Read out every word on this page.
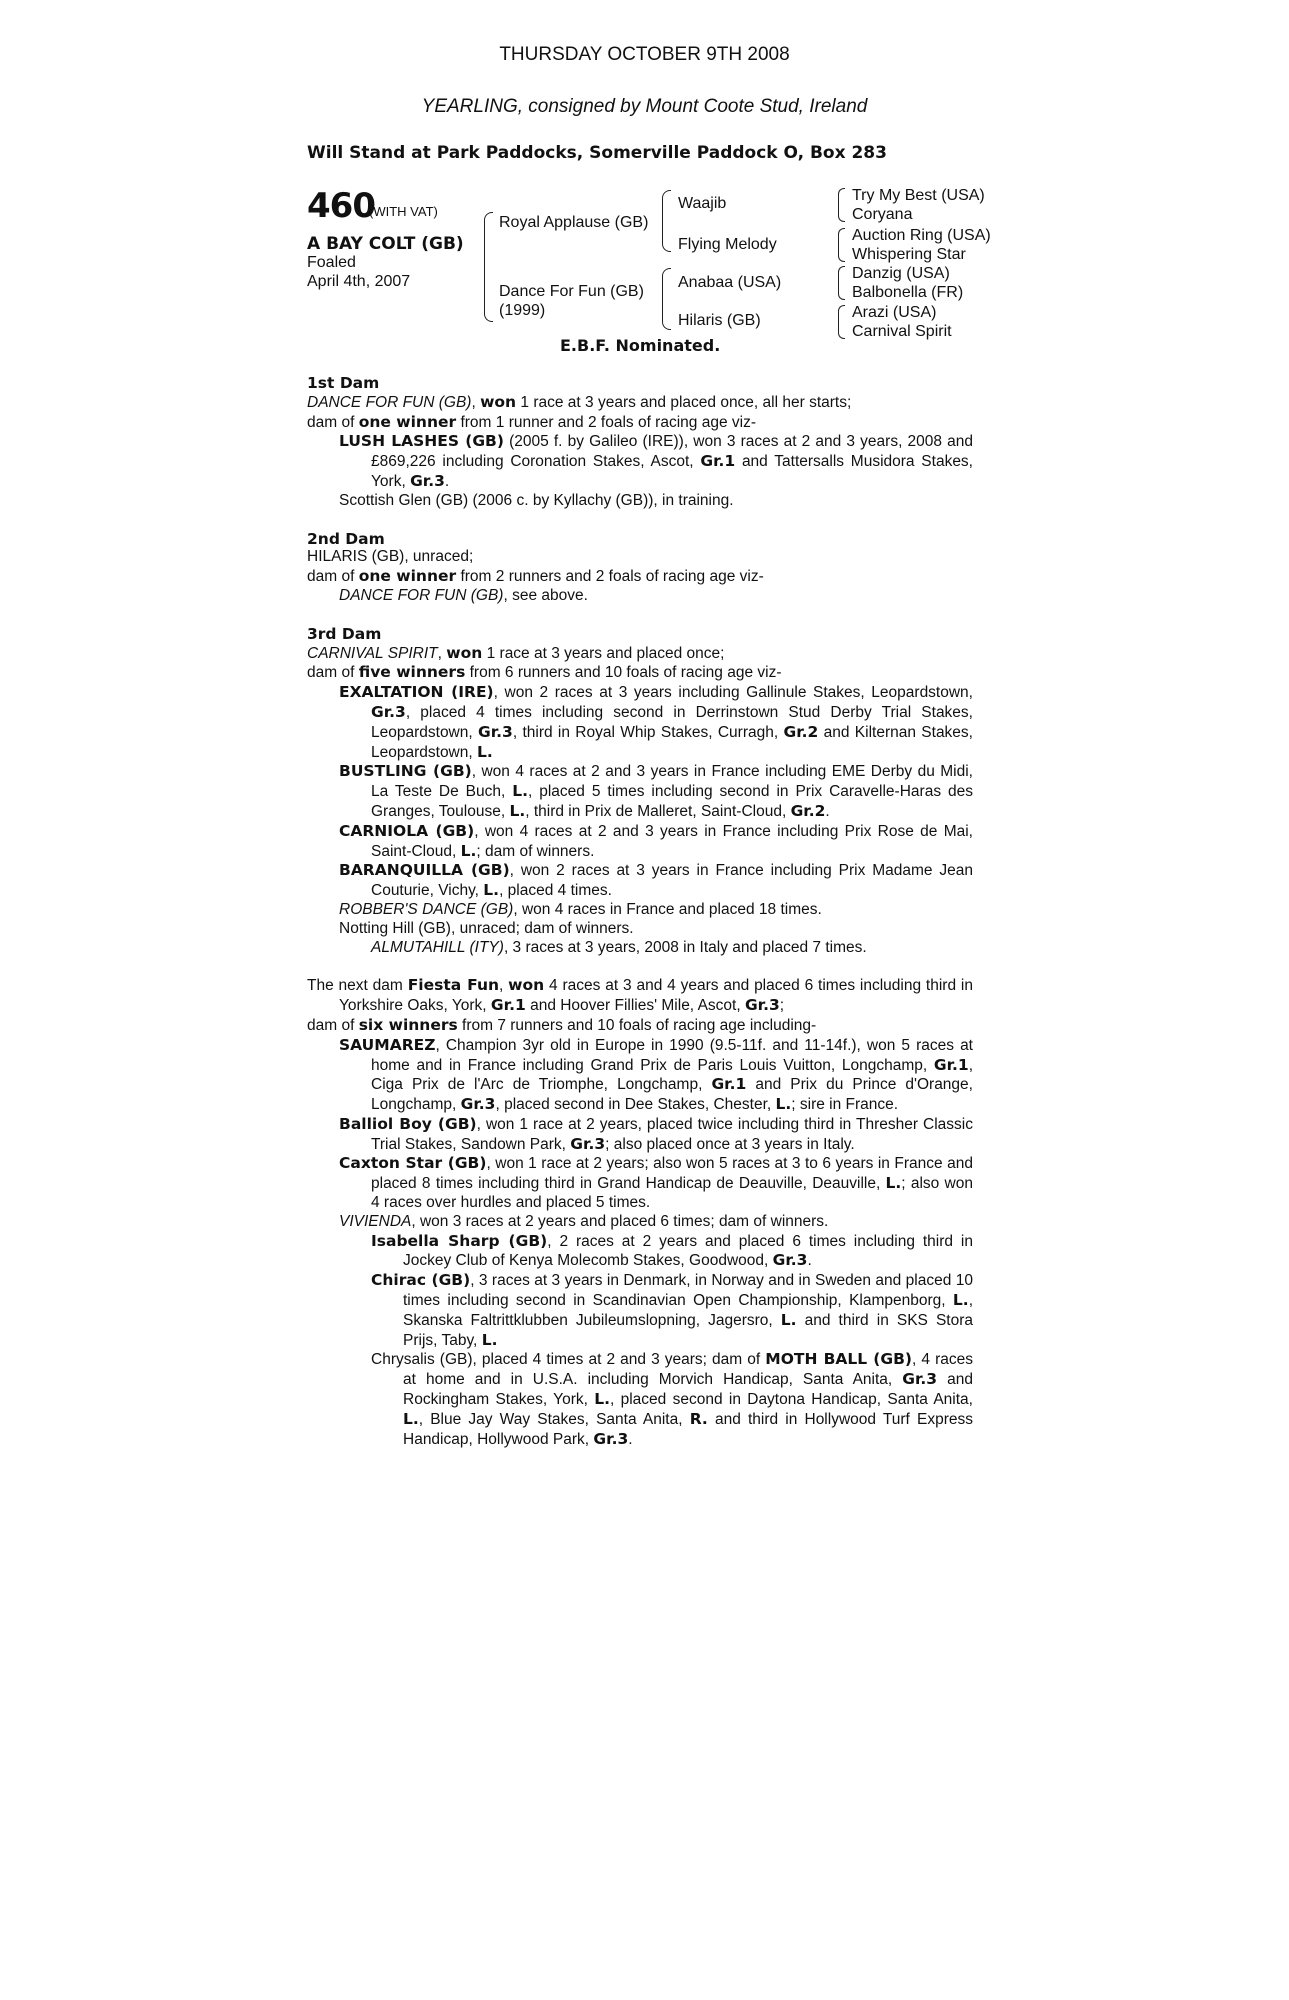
THURSDAY OCTOBER 9TH 2008
YEARLING, consigned by Mount Coote Stud, Ireland
Will Stand at Park Paddocks, Somerville Paddock O, Box 283
460
(WITH VAT)
A BAY COLT (GB)
Foaled
April 4th, 2007
Royal Applause (GB)
Dance For Fun (GB)
(1999)
Waajib
Flying Melody
Anabaa (USA)
Hilaris (GB)
Try My Best (USA)
Coryana
Auction Ring (USA)
Whispering Star
Danzig (USA)
Balbonella (FR)
Arazi (USA)
Carnival Spirit
E.B.F. Nominated.

1st Dam

DANCE FOR FUN (GB), won 1 race at 3 years and placed once, all her starts;

dam of one winner from 1 runner and 2 foals of racing age viz-

LUSH LASHES (GB) (2005 f. by Galileo (IRE)), won 3 races at 2 and 3 years, 2008 and £869,226 including Coronation Stakes, Ascot, Gr.1 and Tattersalls Musidora Stakes, York, Gr.3.

Scottish Glen (GB) (2006 c. by Kyllachy (GB)), in training.

2nd Dam

HILARIS (GB), unraced;

dam of one winner from 2 runners and 2 foals of racing age viz-

DANCE FOR FUN (GB), see above.

3rd Dam

CARNIVAL SPIRIT, won 1 race at 3 years and placed once;

dam of five winners from 6 runners and 10 foals of racing age viz-

EXALTATION (IRE), won 2 races at 3 years including Gallinule Stakes, Leopardstown, Gr.3, placed 4 times including second in Derrinstown Stud Derby Trial Stakes, Leopardstown, Gr.3, third in Royal Whip Stakes, Curragh, Gr.2 and Kilternan Stakes, Leopardstown, L.

BUSTLING (GB), won 4 races at 2 and 3 years in France including EME Derby du Midi, La Teste De Buch, L., placed 5 times including second in Prix Caravelle-Haras des Granges, Toulouse, L., third in Prix de Malleret, Saint-Cloud, Gr.2.

CARNIOLA (GB), won 4 races at 2 and 3 years in France including Prix Rose de Mai, Saint-Cloud, L.; dam of winners.

BARANQUILLA (GB), won 2 races at 3 years in France including Prix Madame Jean Couturie, Vichy, L., placed 4 times.

ROBBER'S DANCE (GB), won 4 races in France and placed 18 times.

Notting Hill (GB), unraced; dam of winners.

ALMUTAHILL (ITY), 3 races at 3 years, 2008 in Italy and placed 7 times.

The next dam Fiesta Fun, won 4 races at 3 and 4 years and placed 6 times including third in Yorkshire Oaks, York, Gr.1 and Hoover Fillies' Mile, Ascot, Gr.3;

dam of six winners from 7 runners and 10 foals of racing age including-

SAUMAREZ, Champion 3yr old in Europe in 1990 (9.5-11f. and 11-14f.), won 5 races at home and in France including Grand Prix de Paris Louis Vuitton, Longchamp, Gr.1, Ciga Prix de l'Arc de Triomphe, Longchamp, Gr.1 and Prix du Prince d'Orange, Longchamp, Gr.3, placed second in Dee Stakes, Chester, L.; sire in France.

Balliol Boy (GB), won 1 race at 2 years, placed twice including third in Thresher Classic Trial Stakes, Sandown Park, Gr.3; also placed once at 3 years in Italy.

Caxton Star (GB), won 1 race at 2 years; also won 5 races at 3 to 6 years in France and placed 8 times including third in Grand Handicap de Deauville, Deauville, L.; also won 4 races over hurdles and placed 5 times.

VIVIENDA, won 3 races at 2 years and placed 6 times; dam of winners.

Isabella Sharp (GB), 2 races at 2 years and placed 6 times including third in Jockey Club of Kenya Molecomb Stakes, Goodwood, Gr.3.

Chirac (GB), 3 races at 3 years in Denmark, in Norway and in Sweden and placed 10 times including second in Scandinavian Open Championship, Klampenborg, L., Skanska Faltrittklubben Jubileumslopning, Jagersro, L. and third in SKS Stora Prijs, Taby, L.

Chrysalis (GB), placed 4 times at 2 and 3 years; dam of MOTH BALL (GB), 4 races at home and in U.S.A. including Morvich Handicap, Santa Anita, Gr.3 and Rockingham Stakes, York, L., placed second in Daytona Handicap, Santa Anita, L., Blue Jay Way Stakes, Santa Anita, R. and third in Hollywood Turf Express Handicap, Hollywood Park, Gr.3.
